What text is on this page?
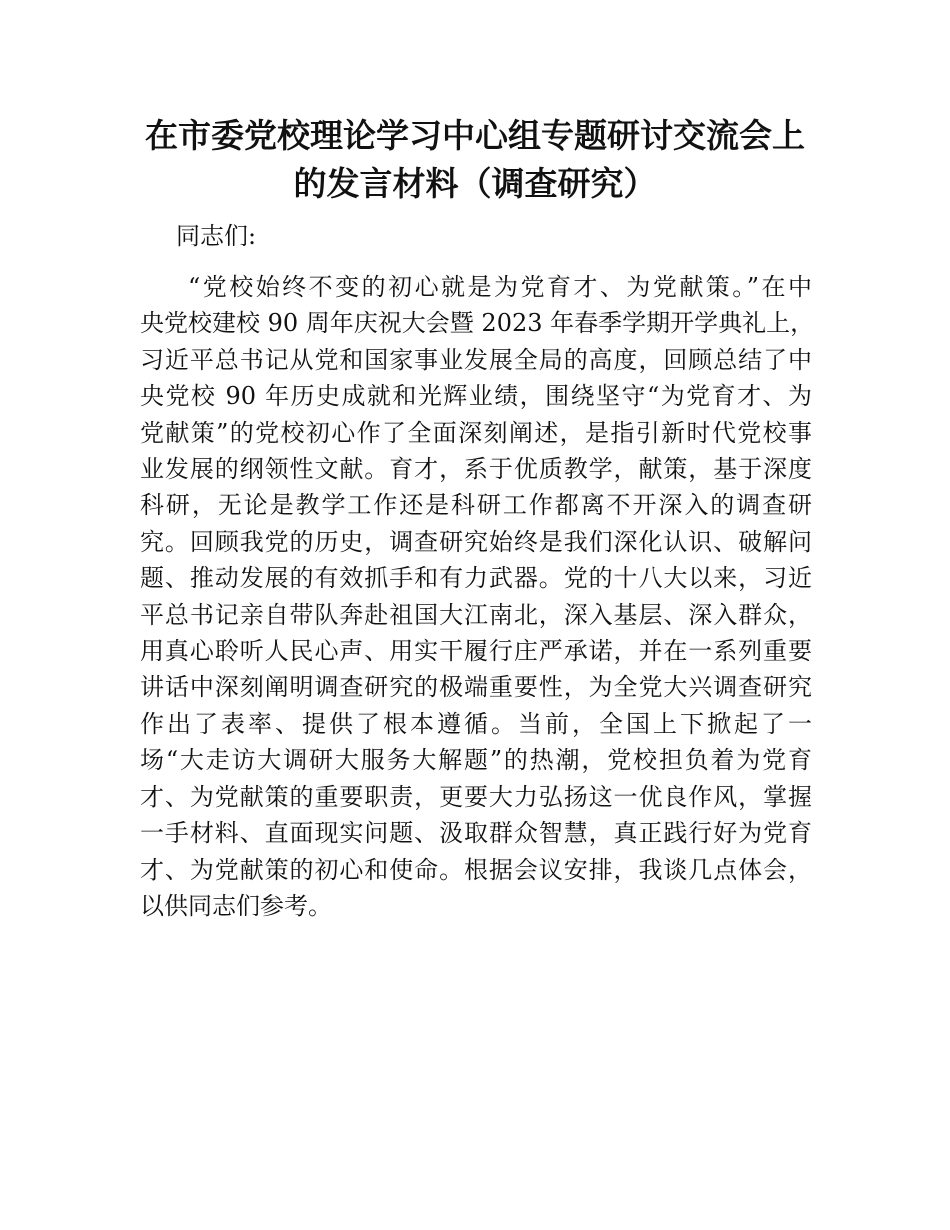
在市委党校理论学习中心组专题研讨交流会上
的发言材料（调查研究）

同志们:

“党校始终不变的初心就是为党育才、为党献策。”在中
央党校建校 90 周年庆祝大会暨 2023 年春季学期开学典礼上，
习近平总书记从党和国家事业发展全局的高度，回顾总结了中
央党校 90 年历史成就和光辉业绩，围绕坚守“为党育才、为
党献策”的党校初心作了全面深刻阐述，是指引新时代党校事
业发展的纲领性文献。育才，系于优质教学，献策，基于深度
科研，无论是教学工作还是科研工作都离不开深入的调查研
究。回顾我党的历史，调查研究始终是我们深化认识、破解问
题、推动发展的有效抓手和有力武器。党的十八大以来，习近
平总书记亲自带队奔赴祖国大江南北，深入基层、深入群众，
用真心聆听人民心声、用实干履行庄严承诺，并在一系列重要
讲话中深刻阐明调查研究的极端重要性，为全党大兴调查研究
作出了表率、提供了根本遵循。当前，全国上下掀起了一
场“大走访大调研大服务大解题”的热潮，党校担负着为党育
才、为党献策的重要职责，更要大力弘扬这一优良作风，掌握
一手材料、直面现实问题、汲取群众智慧，真正践行好为党育
才、为党献策的初心和使命。根据会议安排，我谈几点体会，
以供同志们参考。
